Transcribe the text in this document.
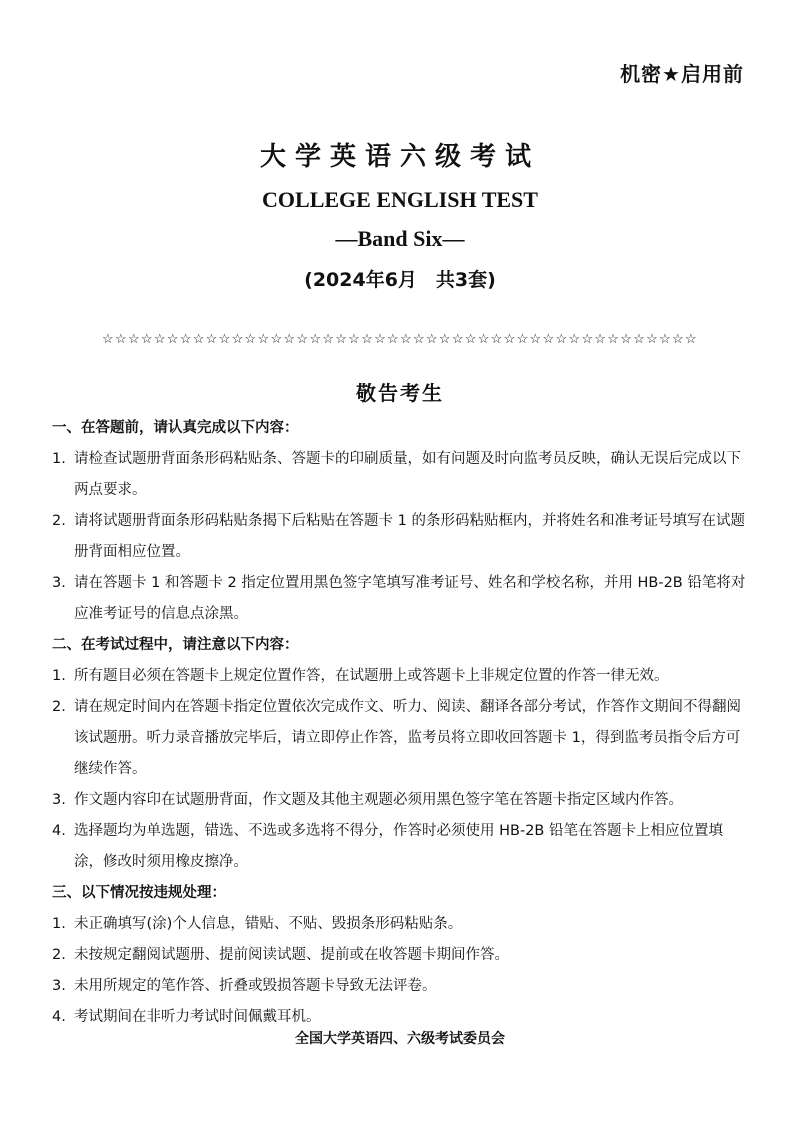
机密★启用前
大学英语六级考试
COLLEGE ENGLISH TEST
—Band Six—
(2024年6月　共3套)
☆☆☆☆☆☆☆☆☆☆☆☆☆☆☆☆☆☆☆☆☆☆☆☆☆☆☆☆☆☆☆☆☆☆☆☆☆☆☆☆☆☆☆☆☆☆
敬告考生
一、在答题前，请认真完成以下内容：
1. 请检查试题册背面条形码粘贴条、答题卡的印刷质量，如有问题及时向监考员反映，确认无误后完成以下两点要求。
2. 请将试题册背面条形码粘贴条揭下后粘贴在答题卡 1 的条形码粘贴框内，并将姓名和准考证号填写在试题册背面相应位置。
3. 请在答题卡 1 和答题卡 2 指定位置用黑色签字笔填写准考证号、姓名和学校名称，并用 HB-2B 铅笔将对应准考证号的信息点涂黑。
二、在考试过程中，请注意以下内容：
1. 所有题目必须在答题卡上规定位置作答，在试题册上或答题卡上非规定位置的作答一律无效。
2. 请在规定时间内在答题卡指定位置依次完成作文、听力、阅读、翻译各部分考试，作答作文期间不得翻阅该试题册。听力录音播放完毕后，请立即停止作答，监考员将立即收回答题卡 1，得到监考员指令后方可继续作答。
3. 作文题内容印在试题册背面，作文题及其他主观题必须用黑色签字笔在答题卡指定区域内作答。
4. 选择题均为单选题，错选、不选或多选将不得分，作答时必须使用 HB-2B 铅笔在答题卡上相应位置填涂，修改时须用橡皮擦净。
三、以下情况按违规处理：
1. 未正确填写(涂)个人信息，错贴、不贴、毁损条形码粘贴条。
2. 未按规定翻阅试题册、提前阅读试题、提前或在收答题卡期间作答。
3. 未用所规定的笔作答、折叠或毁损答题卡导致无法评卷。
4. 考试期间在非听力考试时间佩戴耳机。
全国大学英语四、六级考试委员会
